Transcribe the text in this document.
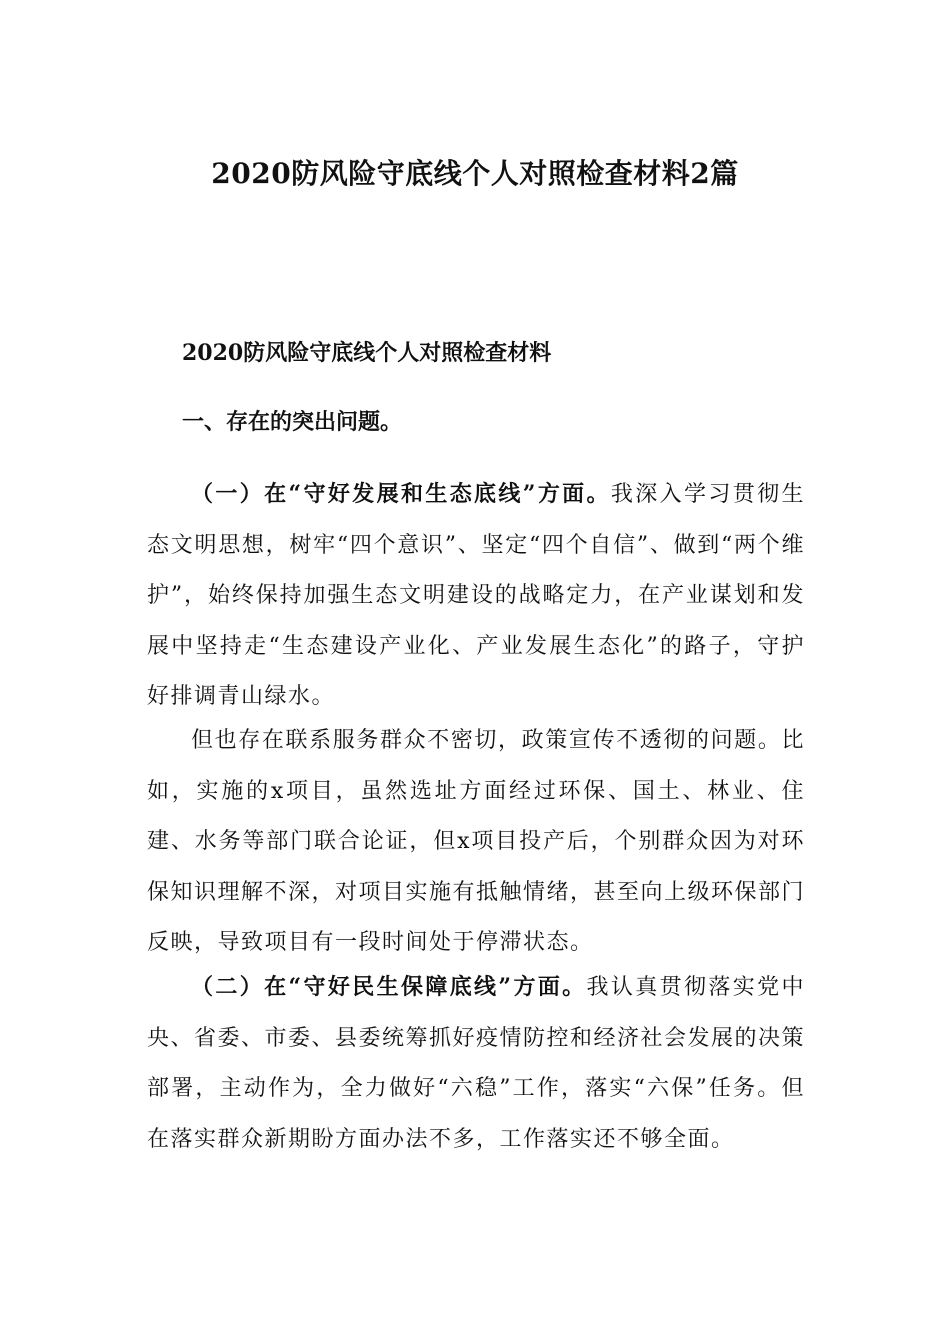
2020防风险守底线个人对照检查材料2篇
2020防风险守底线个人对照检查材料
一、存在的突出问题。

（一）在“守好发展和生态底线”方面。我深入学习贯彻生态文明思想，树牢“四个意识”、坚定“四个自信”、做到“两个维护”，始终保持加强生态文明建设的战略定力，在产业谋划和发展中坚持走“生态建设产业化、产业发展生态化”的路子，守护好排调青山绿水。

但也存在联系服务群众不密切，政策宣传不透彻的问题。比如，实施的x项目，虽然选址方面经过环保、国土、林业、住建、水务等部门联合论证，但x项目投产后，个别群众因为对环保知识理解不深，对项目实施有抵触情绪，甚至向上级环保部门反映，导致项目有一段时间处于停滞状态。

（二）在“守好民生保障底线”方面。我认真贯彻落实党中央、省委、市委、县委统筹抓好疫情防控和经济社会发展的决策部署，主动作为，全力做好“六稳”工作，落实“六保”任务。但在落实群众新期盼方面办法不多，工作落实还不够全面。
